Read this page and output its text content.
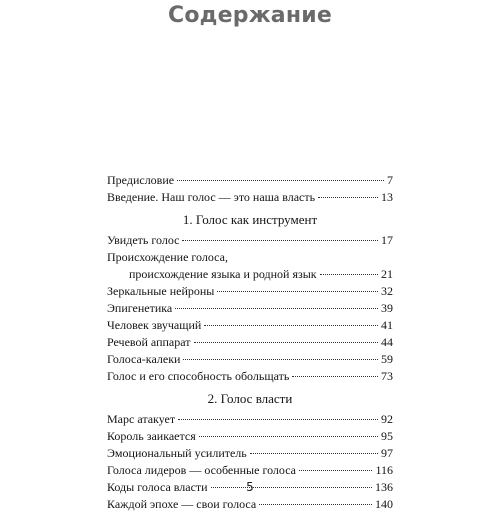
Содержание
Предисловие	7
Введение. Наш голос — это наша власть	13
1. Голос как инструмент
Увидеть голос	17
Происхождение голоса,
происхождение языка и родной язык	21
Зеркальные нейроны	32
Эпигенетика	39
Человек звучащий	41
Речевой аппарат	44
Голоса-калеки	59
Голос и его способность обольщать	73
2. Голос власти
Марс атакует	92
Король заикается	95
Эмоциональный усилитель	97
Голоса лидеров — особенные голоса	116
Коды голоса власти	136
Каждой эпохе — свои голоса	140
5
